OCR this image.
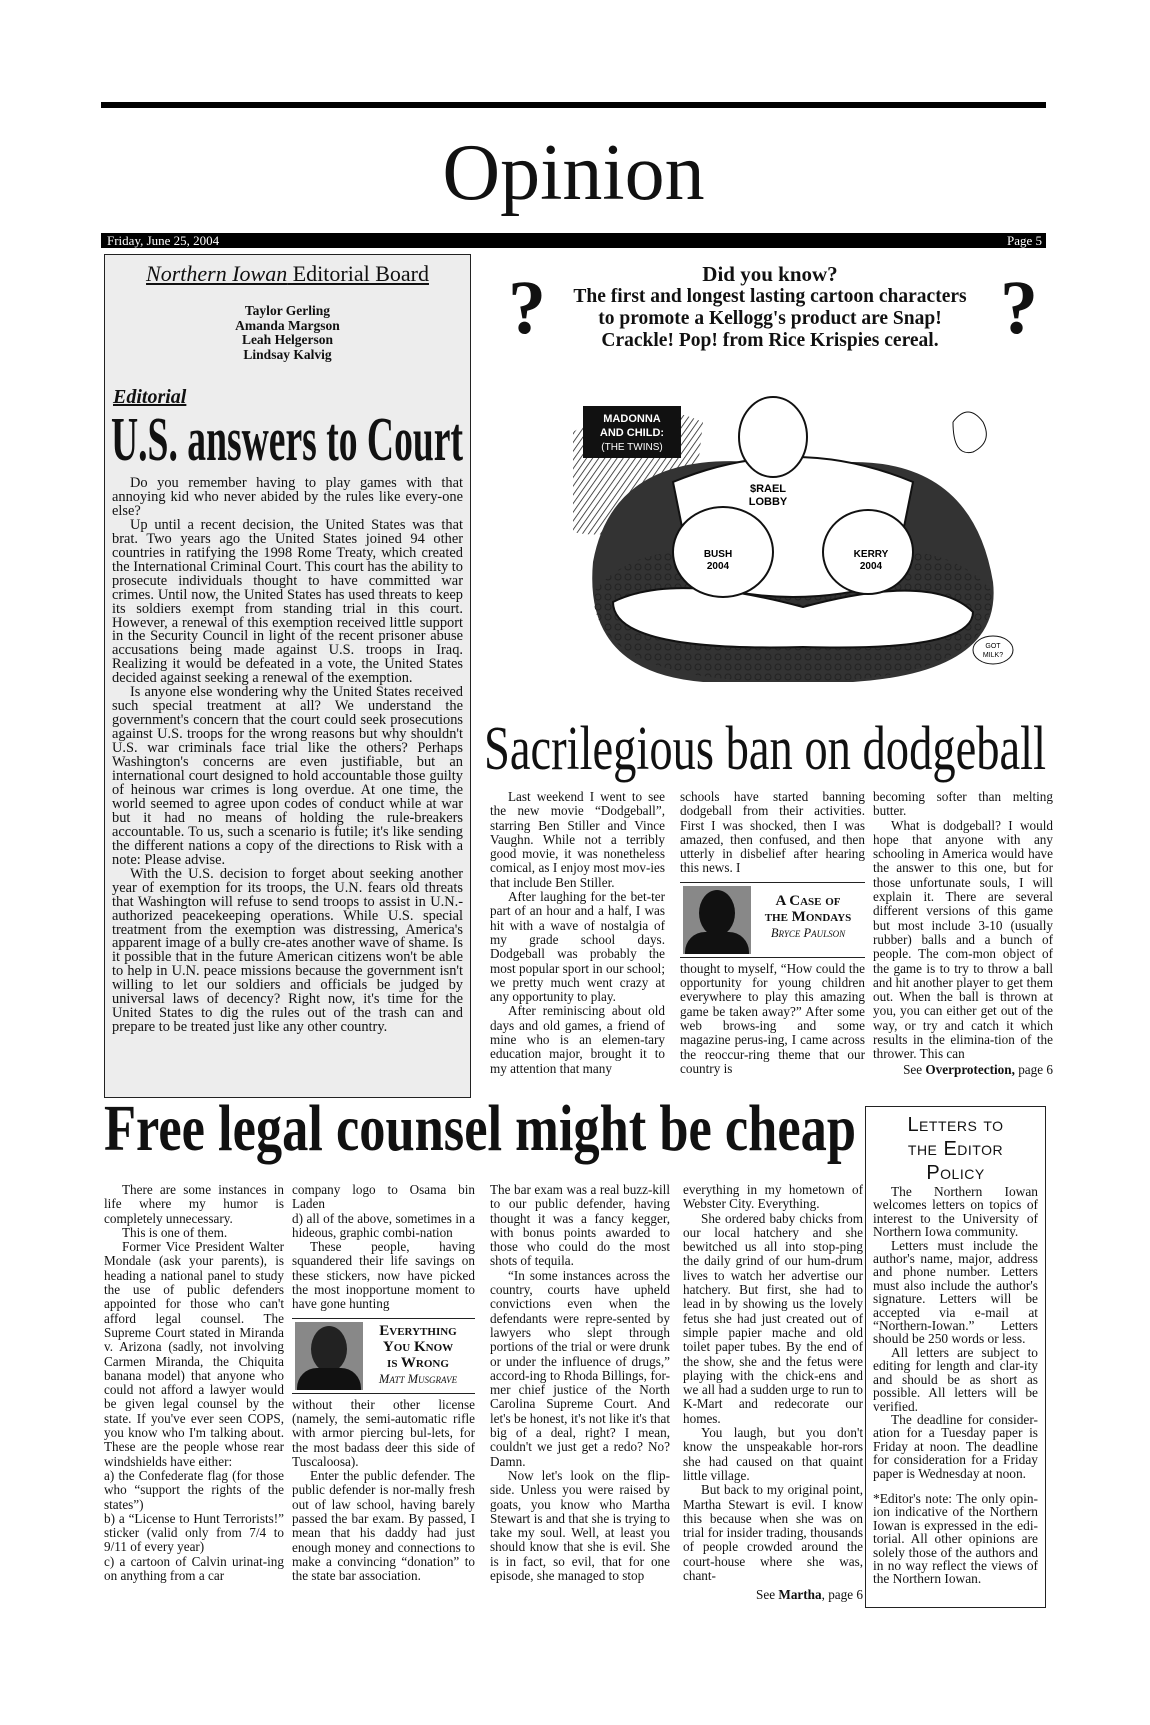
Opinion
Friday, June 25, 2004	Page 5
Northern Iowan Editorial Board
Taylor Gerling
Amanda Margson
Leah Helgerson
Lindsay Kalvig
Editorial
U.S. answers to Court

Do you remember having to play games with that annoying kid who never abided by the rules like every-one else?

Up until a recent decision, the United States was that brat. Two years ago the United States joined 94 other countries in ratifying the 1998 Rome Treaty, which created the International Criminal Court. This court has the ability to prosecute individuals thought to have committed war crimes. Until now, the United States has used threats to keep its soldiers exempt from standing trial in this court. However, a renewal of this exemption received little support in the Security Council in light of the recent prisoner abuse accusations being made against U.S. troops in Iraq. Realizing it would be defeated in a vote, the United States decided against seeking a renewal of the exemption.

Is anyone else wondering why the United States received such special treatment at all? We understand the government's concern that the court could seek prosecutions against U.S. troops for the wrong reasons but why shouldn't U.S. war criminals face trial like the others? Perhaps Washington's concerns are even justifiable, but an international court designed to hold accountable those guilty of heinous war crimes is long overdue. At one time, the world seemed to agree upon codes of conduct while at war but it had no means of holding the rule-breakers accountable. To us, such a scenario is futile; it's like sending the different nations a copy of the directions to Risk with a note: Please advise.

With the U.S. decision to forget about seeking another year of exemption for its troops, the U.N. fears old threats that Washington will refuse to send troops to assist in U.N.-authorized peacekeeping operations. While U.S. special treatment from the exemption was distressing, America's apparent image of a bully cre-ates another wave of shame. Is it possible that in the future American citizens won't be able to help in U.N. peace missions because the government isn't willing to let our soldiers and officials be judged by universal laws of decency? Right now, it's time for the United States to dig the rules out of the trash can and prepare to be treated just like any other country.

?	?
Did you know?
The first and longest lasting cartoon characters
to promote a Kellogg's product are Snap!
Crackle! Pop! from Rice Krispies cereal.
MADONNA
AND CHILD:
(THE TWINS)
$RAEL
LOBBY
BUSH
2004
KERRY
2004
GOT
MILK?
Sacrilegious ban on dodgeball

Last weekend I went to see the new movie “Dodgeball”, starring Ben Stiller and Vince Vaughn. While not a terribly good movie, it was nonetheless comical, as I enjoy most mov-ies that include Ben Stiller.

After laughing for the bet-ter part of an hour and a half, I was hit with a wave of nostalgia of my grade school days. Dodgeball was probably the most popular sport in our school; we pretty much went crazy at any opportunity to play.

After reminiscing about old days and old games, a friend of mine who is an elemen-tary education major, brought it to my attention that many

schools have started banning dodgeball from their activities. First I was shocked, then I was amazed, then confused, and then utterly in disbelief after hearing this news. I

A Case of
the Mondays
Bryce Paulson

thought to myself, “How could the opportunity for young children everywhere to play this amazing game be taken away?” After some web brows-ing and some magazine perus-ing, I came across the reoccur-ring theme that our country is

becoming softer than melting butter.

What is dodgeball? I would hope that anyone with any schooling in America would have the answer to this one, but for those unfortunate souls, I will explain it. There are several different versions of this game but most include 3-10 (usually rubber) balls and a bunch of people. The com-mon object of the game is to try to throw a ball and hit another player to get them out. When the ball is thrown at you, you can either get out of the way, or try and catch it which results in the elimina-tion of the thrower. This can

See Overprotection, page 6
Free legal counsel might be cheap

There are some instances in life where my humor is completely unnecessary.

This is one of them.

Former Vice President Walter Mondale (ask your parents), is heading a national panel to study the use of public defenders appointed for those who can't afford legal counsel. The Supreme Court stated in Miranda v. Arizona (sadly, not involving Carmen Miranda, the Chiquita banana model) that anyone who could not afford a lawyer would be given legal counsel by the state. If you've ever seen COPS, you know who I'm talking about. These are the people whose rear windshields have either:

a) the Confederate flag (for those who “support the rights of the states”)

b) a “License to Hunt Terrorists!” sticker (valid only from 7/4 to 9/11 of every year)

c) a cartoon of Calvin urinat-ing on anything from a car

company logo to Osama bin Laden

d) all of the above, sometimes in a hideous, graphic combi-nation

These people, having squandered their life savings on these stickers, now have picked the most inopportune moment to have gone hunting

Everything
You Know
is Wrong
Matt Musgrave

without their other license (namely, the semi-automatic rifle with armor piercing bul-lets, for the most badass deer this side of Tuscaloosa).

Enter the public defender. The public defender is nor-mally fresh out of law school, having barely passed the bar exam. By passed, I mean that his daddy had just enough money and connections to make a convincing “donation” to the state bar association.

The bar exam was a real buzz-kill to our public defender, having thought it was a fancy kegger, with bonus points awarded to those who could do the most shots of tequila.

“In some instances across the country, courts have upheld convictions even when the defendants were repre-sented by lawyers who slept through portions of the trial or were drunk or under the influence of drugs,” accord-ing to Rhoda Billings, for-mer chief justice of the North Carolina Supreme Court. And let's be honest, it's not like it's that big of a deal, right? I mean, couldn't we just get a redo? No? Damn.

Now let's look on the flip-side. Unless you were raised by goats, you know who Martha Stewart is and that she is trying to take my soul. Well, at least you should know that she is evil. She is in fact, so evil, that for one episode, she managed to stop

everything in my hometown of Webster City. Everything.

She ordered baby chicks from our local hatchery and she bewitched us all into stop-ping the daily grind of our hum-drum lives to watch her advertise our hatchery. But first, she had to lead in by showing us the lovely fetus she had just created out of simple papier mache and old toilet paper tubes. By the end of the show, she and the fetus were playing with the chick-ens and we all had a sudden urge to run to K-Mart and redecorate our homes.

You laugh, but you don't know the unspeakable hor-rors she had caused on that quaint little village.

But back to my original point, Martha Stewart is evil. I know this because when she was on trial for insider trading, thousands of people crowded around the court-house where she was, chant-

See Martha, page 6
Letters to
the Editor
Policy

The Northern Iowan welcomes letters on topics of interest to the University of Northern Iowa community.

Letters must include the author's name, major, address and phone number. Letters must also include the author's signature. Letters will be accepted via e-mail at “Northern-Iowan.” Letters should be 250 words or less.

All letters are subject to editing for length and clar-ity and should be as short as possible. All letters will be verified.

The deadline for consider-ation for a Tuesday paper is Friday at noon. The deadline for consideration for a Friday paper is Wednesday at noon.

*Editor's note: The only opin-ion indicative of the Northern Iowan is expressed in the edi-torial. All other opinions are solely those of the authors and in no way reflect the views of the Northern Iowan.
